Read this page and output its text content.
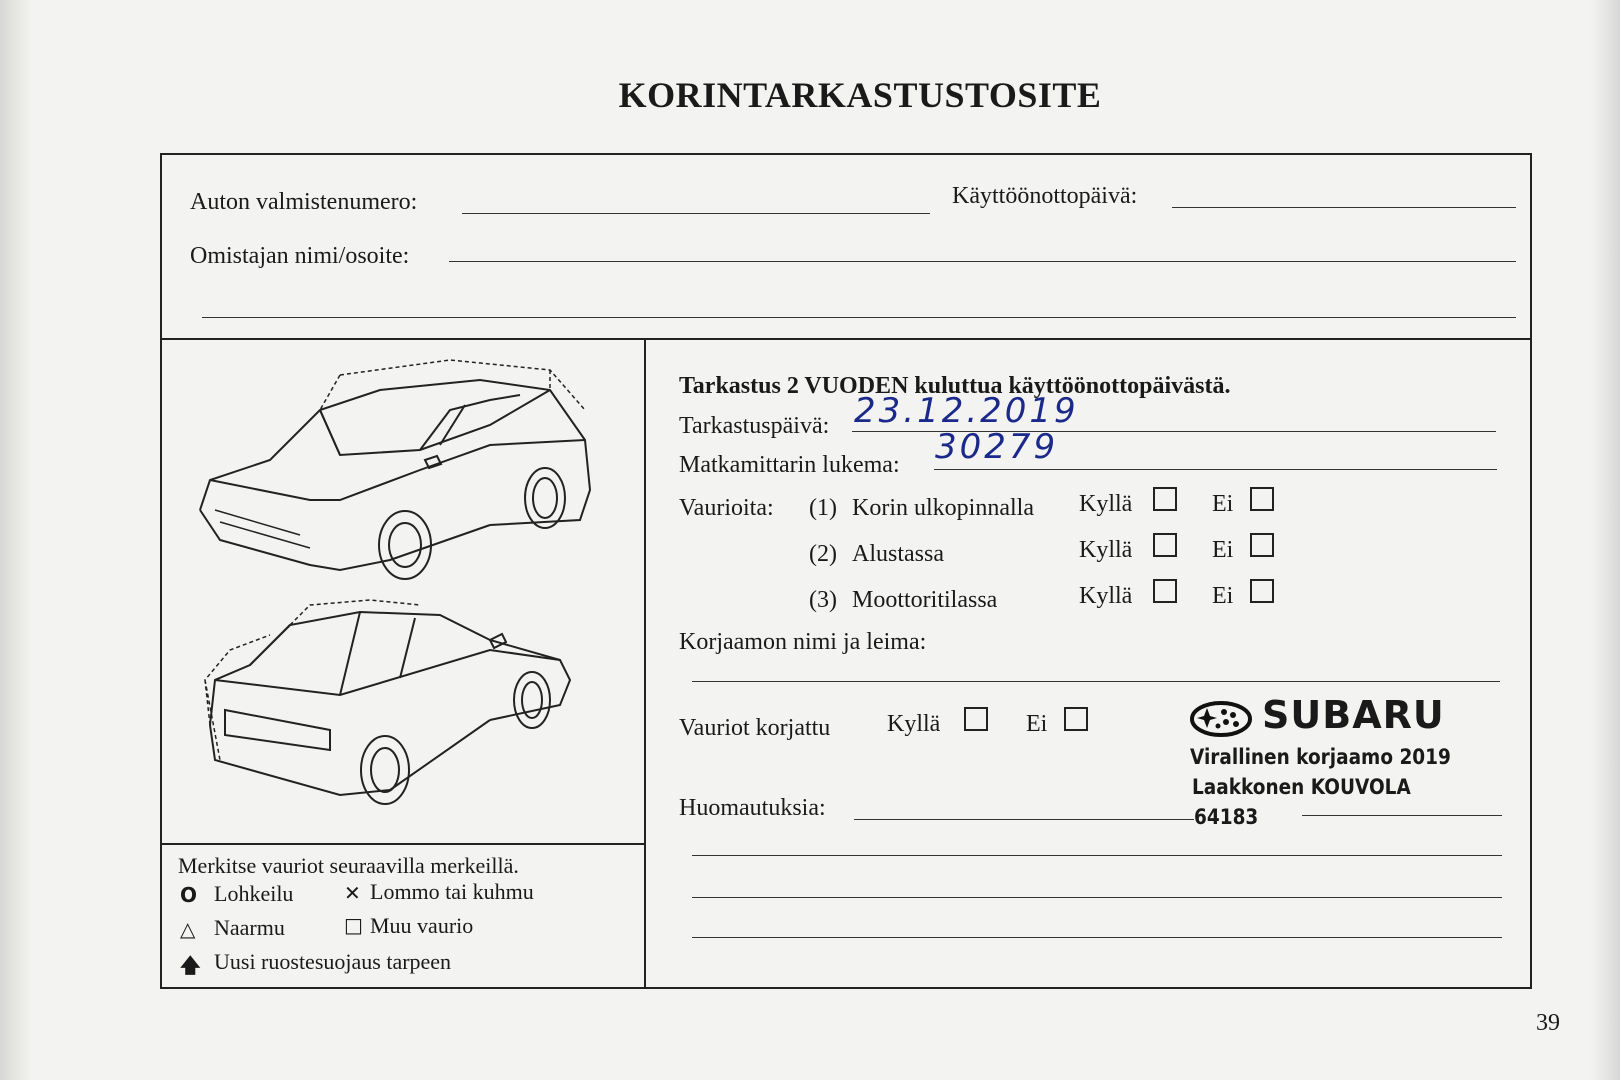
KORINTARKASTUSTOSITE
Auton valmistenumero:	Käyttöönottopäivä:
Omistajan nimi/osoite:
Tarkastus 2 VUODEN kuluttua käyttöönottopäivästä.
Tarkastuspäivä: 23.12.2019
Matkamittarin lukema: 30279
Vaurioita: (1) Korin ulkopinnalla Kyllä	Ei
(2) Alustassa	Kyllä	Ei
(3) Moottoritilassa	Kyllä	Ei
Korjaamon nimi ja leima:
Vauriot korjattu Kyllä	Ei	SUBARU
Virallinen korjaamo 2019
Laakkonen KOUVOLA
64183
Huomautuksia:
Merkitse vauriot seuraavilla merkeillä.
O Lohkeilu	✕ Lommo tai kuhmu
△ Naarmu	□ Muu vaurio
🡅 Uusi ruostesuojaus tarpeen
39
